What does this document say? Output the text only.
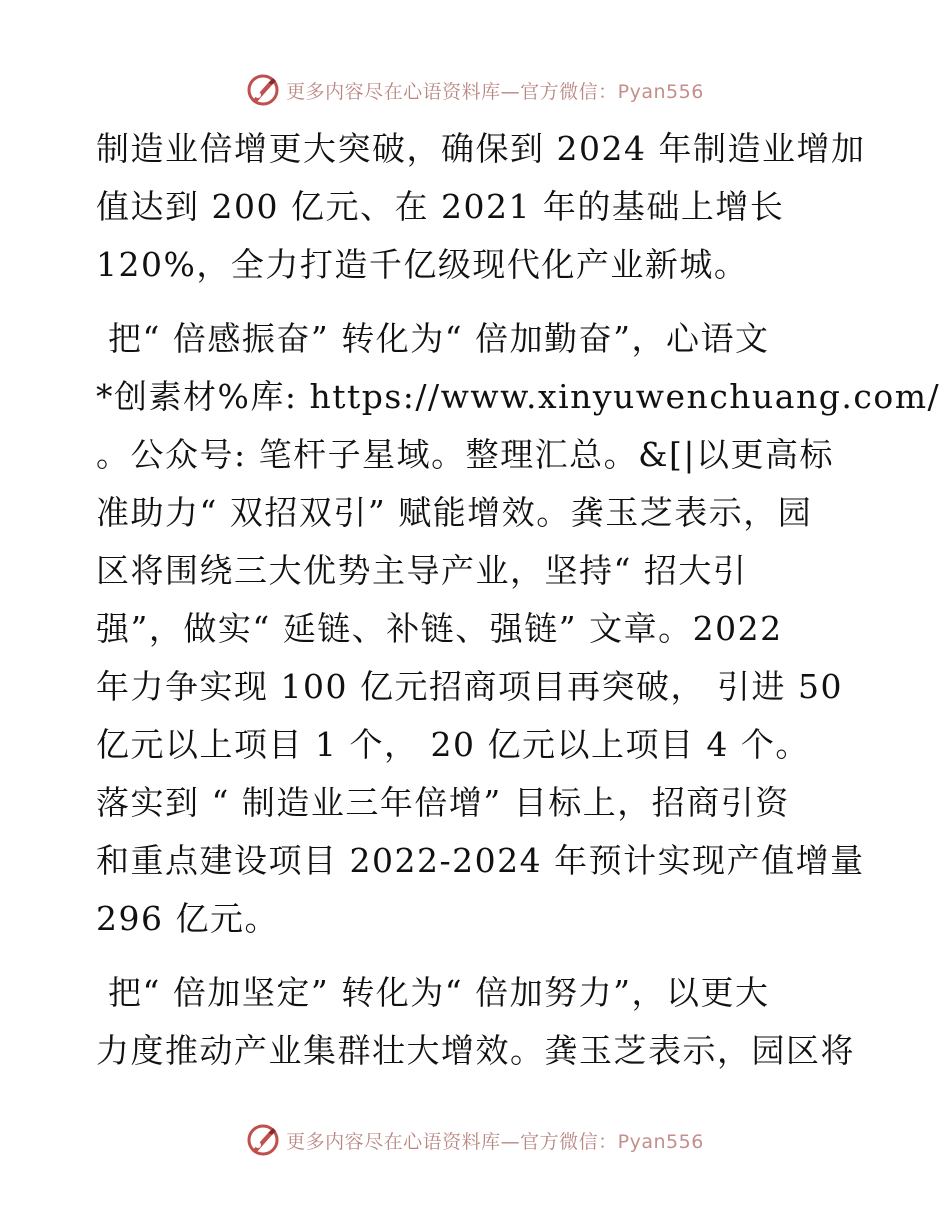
更多内容尽在心语资料库—官方微信：Pyan556

制造业倍增更大突破，确保到 2024 年制造业增加
值达到 200 亿元、在 2021 年的基础上增长
120%，全力打造千亿级现代化产业新城。

把“ 倍感振奋” 转化为“ 倍加勤奋”，心语文
*创素材%库: https://www.xinyuwenchuang.com/
。公众号: 笔杆子星域。整理汇总。&[|以更高标
准助力“ 双招双引” 赋能增效。龚玉芝表示，园
区将围绕三大优势主导产业，坚持“ 招大引
强”，做实“ 延链、补链、强链” 文章。2022
年力争实现 100 亿元招商项目再突破， 引进 50
亿元以上项目 1 个， 20 亿元以上项目 4 个。
落实到 “ 制造业三年倍增” 目标上，招商引资
和重点建设项目 2022-2024 年预计实现产值增量
296 亿元。

把“ 倍加坚定” 转化为“ 倍加努力”，以更大
力度推动产业集群壮大增效。龚玉芝表示，园区将

更多内容尽在心语资料库—官方微信：Pyan556
